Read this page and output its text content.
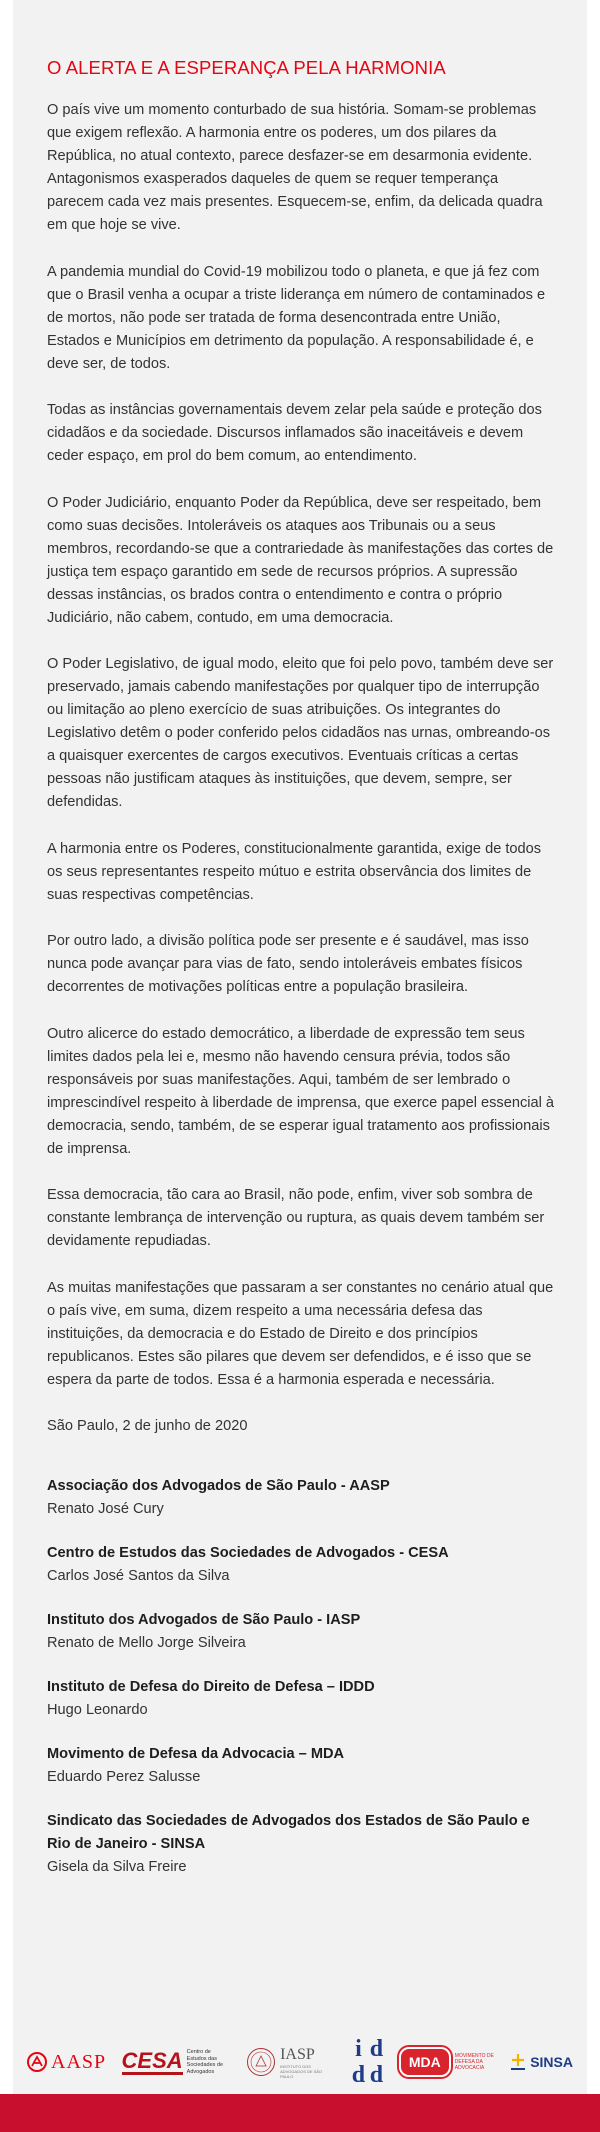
O ALERTA E A ESPERANÇA PELA HARMONIA

O país vive um momento conturbado de sua história. Somam-se problemas que exigem reflexão. A harmonia entre os poderes, um dos pilares da República, no atual contexto, parece desfazer-se em desarmonia evidente. Antagonismos exasperados daqueles de quem se requer temperança parecem cada vez mais presentes. Esquecem-se, enfim, da delicada quadra em que hoje se vive.

A pandemia mundial do Covid-19 mobilizou todo o planeta, e que já fez com que o Brasil venha a ocupar a triste liderança em número de contaminados e de mortos, não pode ser tratada de forma desencontrada entre União, Estados e Municípios em detrimento da população. A responsabilidade é, e deve ser, de todos.

Todas as instâncias governamentais devem zelar pela saúde e proteção dos cidadãos e da sociedade. Discursos inflamados são inaceitáveis e devem ceder espaço, em prol do bem comum, ao entendimento.

O Poder Judiciário, enquanto Poder da República, deve ser respeitado, bem como suas decisões. Intoleráveis os ataques aos Tribunais ou a seus membros, recordando-se que a contrariedade às manifestações das cortes de justiça tem espaço garantido em sede de recursos próprios. A supressão dessas instâncias, os brados contra o entendimento e contra o próprio Judiciário, não cabem, contudo, em uma democracia.

O Poder Legislativo, de igual modo, eleito que foi pelo povo, também deve ser preservado, jamais cabendo manifestações por qualquer tipo de interrupção ou limitação ao pleno exercício de suas atribuições. Os integrantes do Legislativo detêm o poder conferido pelos cidadãos nas urnas, ombreando-os a quaisquer exercentes de cargos executivos. Eventuais críticas a certas pessoas não justificam ataques às instituições, que devem, sempre, ser defendidas.

A harmonia entre os Poderes, constitucionalmente garantida, exige de todos os seus representantes respeito mútuo e estrita observância dos limites de suas respectivas competências.

Por outro lado, a divisão política pode ser presente e é saudável, mas isso nunca pode avançar para vias de fato, sendo intoleráveis embates físicos decorrentes de motivações políticas entre a população brasileira.

Outro alicerce do estado democrático, a liberdade de expressão tem seus limites dados pela lei e, mesmo não havendo censura prévia, todos são responsáveis por suas manifestações. Aqui, também de ser lembrado o imprescindível respeito à liberdade de imprensa, que exerce papel essencial à democracia, sendo, também, de se esperar igual tratamento aos profissionais de imprensa.

Essa democracia, tão cara ao Brasil, não pode, enfim, viver sob sombra de constante lembrança de intervenção ou ruptura, as quais devem também ser devidamente repudiadas.

As muitas manifestações que passaram a ser constantes no cenário atual que o país vive, em suma, dizem respeito a uma necessária defesa das instituições, da democracia e do Estado de Direito e dos princípios republicanos. Estes são pilares que devem ser defendidos, e é isso que se espera da parte de todos. Essa é a harmonia esperada e necessária.

São Paulo, 2 de junho de 2020

Associação dos Advogados de São Paulo - AASP
Renato José Cury
Centro de Estudos das Sociedades de Advogados - CESA
Carlos José Santos da Silva
Instituto dos Advogados de São Paulo - IASP
Renato de Mello Jorge Silveira
Instituto de Defesa do Direito de Defesa – IDDD
Hugo Leonardo
Movimento de Defesa da Advocacia – MDA
Eduardo Perez Salusse
Sindicato das Sociedades de Advogados dos Estados de São Paulo e Rio de Janeiro - SINSA
Gisela da Silva Freire
AASP CESA Centro de Estudos das Sociedades de Advogados
IASP
INSTITUTO DOS ADVOGADOS DE SÃO PAULO
i d
d d	MDA	MOVIMENTO DE DEFESA DA ADVOCACIA	SINSA
